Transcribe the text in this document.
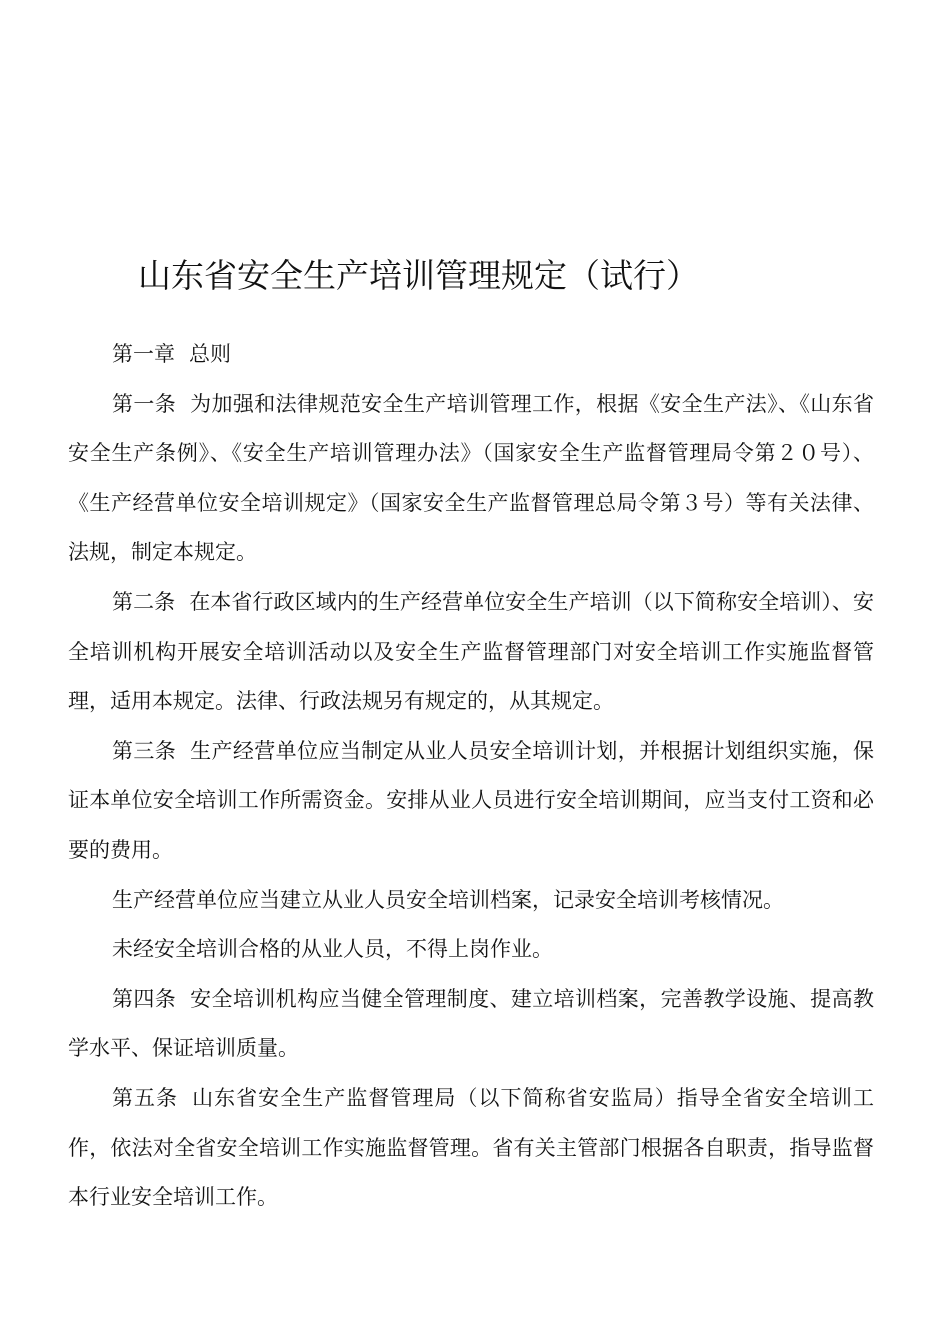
山东省安全生产培训管理规定（试行）

第一章 总则

第一条 为加强和法律规范安全生产培训管理工作，根据《安全生产法》、《山东省安全生产条例》、《安全生产培训管理办法》（国家安全生产监督管理局令第２０号）、《生产经营单位安全培训规定》（国家安全生产监督管理总局令第３号）等有关法律、法规，制定本规定。

第二条 在本省行政区域内的生产经营单位安全生产培训（以下简称安全培训）、安全培训机构开展安全培训活动以及安全生产监督管理部门对安全培训工作实施监督管理，适用本规定。法律、行政法规另有规定的，从其规定。

第三条 生产经营单位应当制定从业人员安全培训计划，并根据计划组织实施，保证本单位安全培训工作所需资金。安排从业人员进行安全培训期间，应当支付工资和必要的费用。

生产经营单位应当建立从业人员安全培训档案，记录安全培训考核情况。

未经安全培训合格的从业人员，不得上岗作业。

第四条 安全培训机构应当健全管理制度、建立培训档案，完善教学设施、提高教学水平、保证培训质量。

第五条 山东省安全生产监督管理局（以下简称省安监局）指导全省安全培训工作，依法对全省安全培训工作实施监督管理。省有关主管部门根据各自职责，指导监督本行业安全培训工作。
